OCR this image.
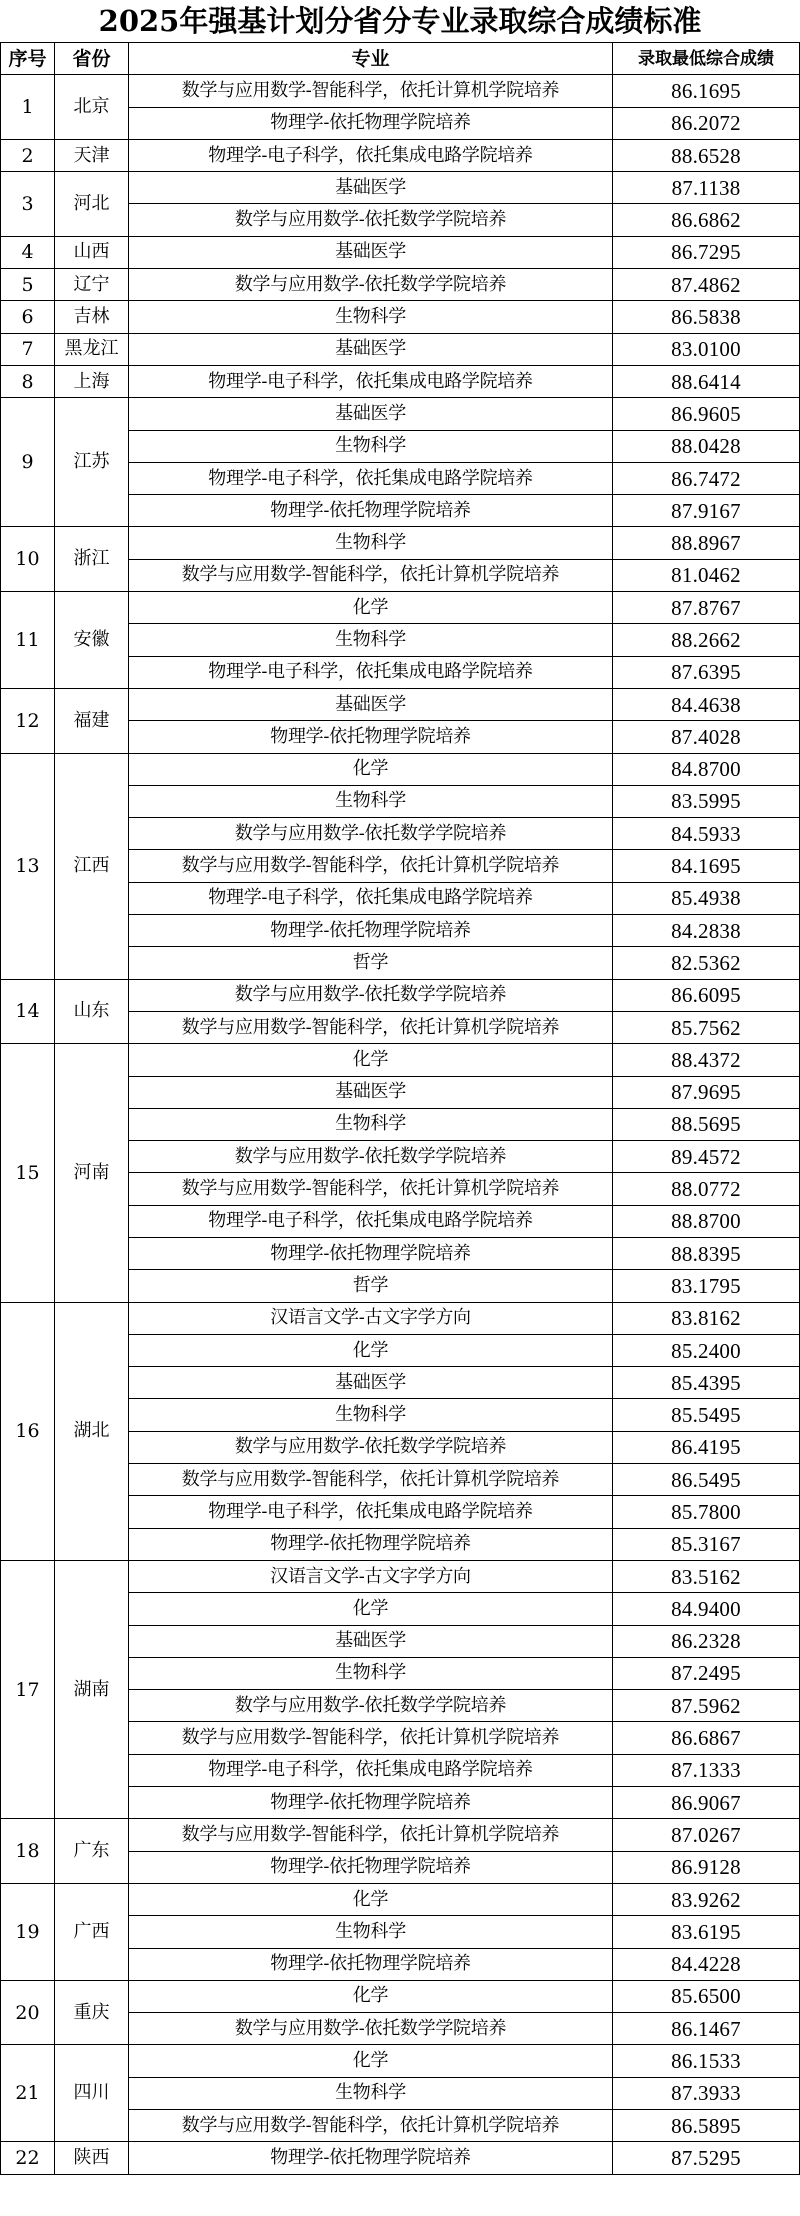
2025年强基计划分省分专业录取综合成绩标准
序号	省份	专业	录取最低综合成绩
1	北京	数学与应用数学-智能科学，依托计算机学院培养	86.1695
		物理学-依托物理学院培养	86.2072
2	天津	物理学-电子科学，依托集成电路学院培养	88.6528
3	河北	基础医学	87.1138
		数学与应用数学-依托数学学院培养	86.6862
4	山西	基础医学	86.7295
5	辽宁	数学与应用数学-依托数学学院培养	87.4862
6	吉林	生物科学	86.5838
7	黑龙江	基础医学	83.0100
8	上海	物理学-电子科学，依托集成电路学院培养	88.6414
9	江苏	基础医学	86.9605
		生物科学	88.0428
		物理学-电子科学，依托集成电路学院培养	86.7472
		物理学-依托物理学院培养	87.9167
10	浙江	生物科学	88.8967
		数学与应用数学-智能科学，依托计算机学院培养	81.0462
11	安徽	化学	87.8767
		生物科学	88.2662
		物理学-电子科学，依托集成电路学院培养	87.6395
12	福建	基础医学	84.4638
		物理学-依托物理学院培养	87.4028
13	江西	化学	84.8700
		生物科学	83.5995
		数学与应用数学-依托数学学院培养	84.5933
		数学与应用数学-智能科学，依托计算机学院培养	84.1695
		物理学-电子科学，依托集成电路学院培养	85.4938
		物理学-依托物理学院培养	84.2838
		哲学	82.5362
14	山东	数学与应用数学-依托数学学院培养	86.6095
		数学与应用数学-智能科学，依托计算机学院培养	85.7562
15	河南	化学	88.4372
		基础医学	87.9695
		生物科学	88.5695
		数学与应用数学-依托数学学院培养	89.4572
		数学与应用数学-智能科学，依托计算机学院培养	88.0772
		物理学-电子科学，依托集成电路学院培养	88.8700
		物理学-依托物理学院培养	88.8395
		哲学	83.1795
16	湖北	汉语言文学-古文字学方向	83.8162
		化学	85.2400
		基础医学	85.4395
		生物科学	85.5495
		数学与应用数学-依托数学学院培养	86.4195
		数学与应用数学-智能科学，依托计算机学院培养	86.5495
		物理学-电子科学，依托集成电路学院培养	85.7800
		物理学-依托物理学院培养	85.3167
17	湖南	汉语言文学-古文字学方向	83.5162
		化学	84.9400
		基础医学	86.2328
		生物科学	87.2495
		数学与应用数学-依托数学学院培养	87.5962
		数学与应用数学-智能科学，依托计算机学院培养	86.6867
		物理学-电子科学，依托集成电路学院培养	87.1333
		物理学-依托物理学院培养	86.9067
18	广东	数学与应用数学-智能科学，依托计算机学院培养	87.0267
		物理学-依托物理学院培养	86.9128
19	广西	化学	83.9262
		生物科学	83.6195
		物理学-依托物理学院培养	84.4228
20	重庆	化学	85.6500
		数学与应用数学-依托数学学院培养	86.1467
21	四川	化学	86.1533
		生物科学	87.3933
		数学与应用数学-智能科学，依托计算机学院培养	86.5895
22	陕西	物理学-依托物理学院培养	87.5295
